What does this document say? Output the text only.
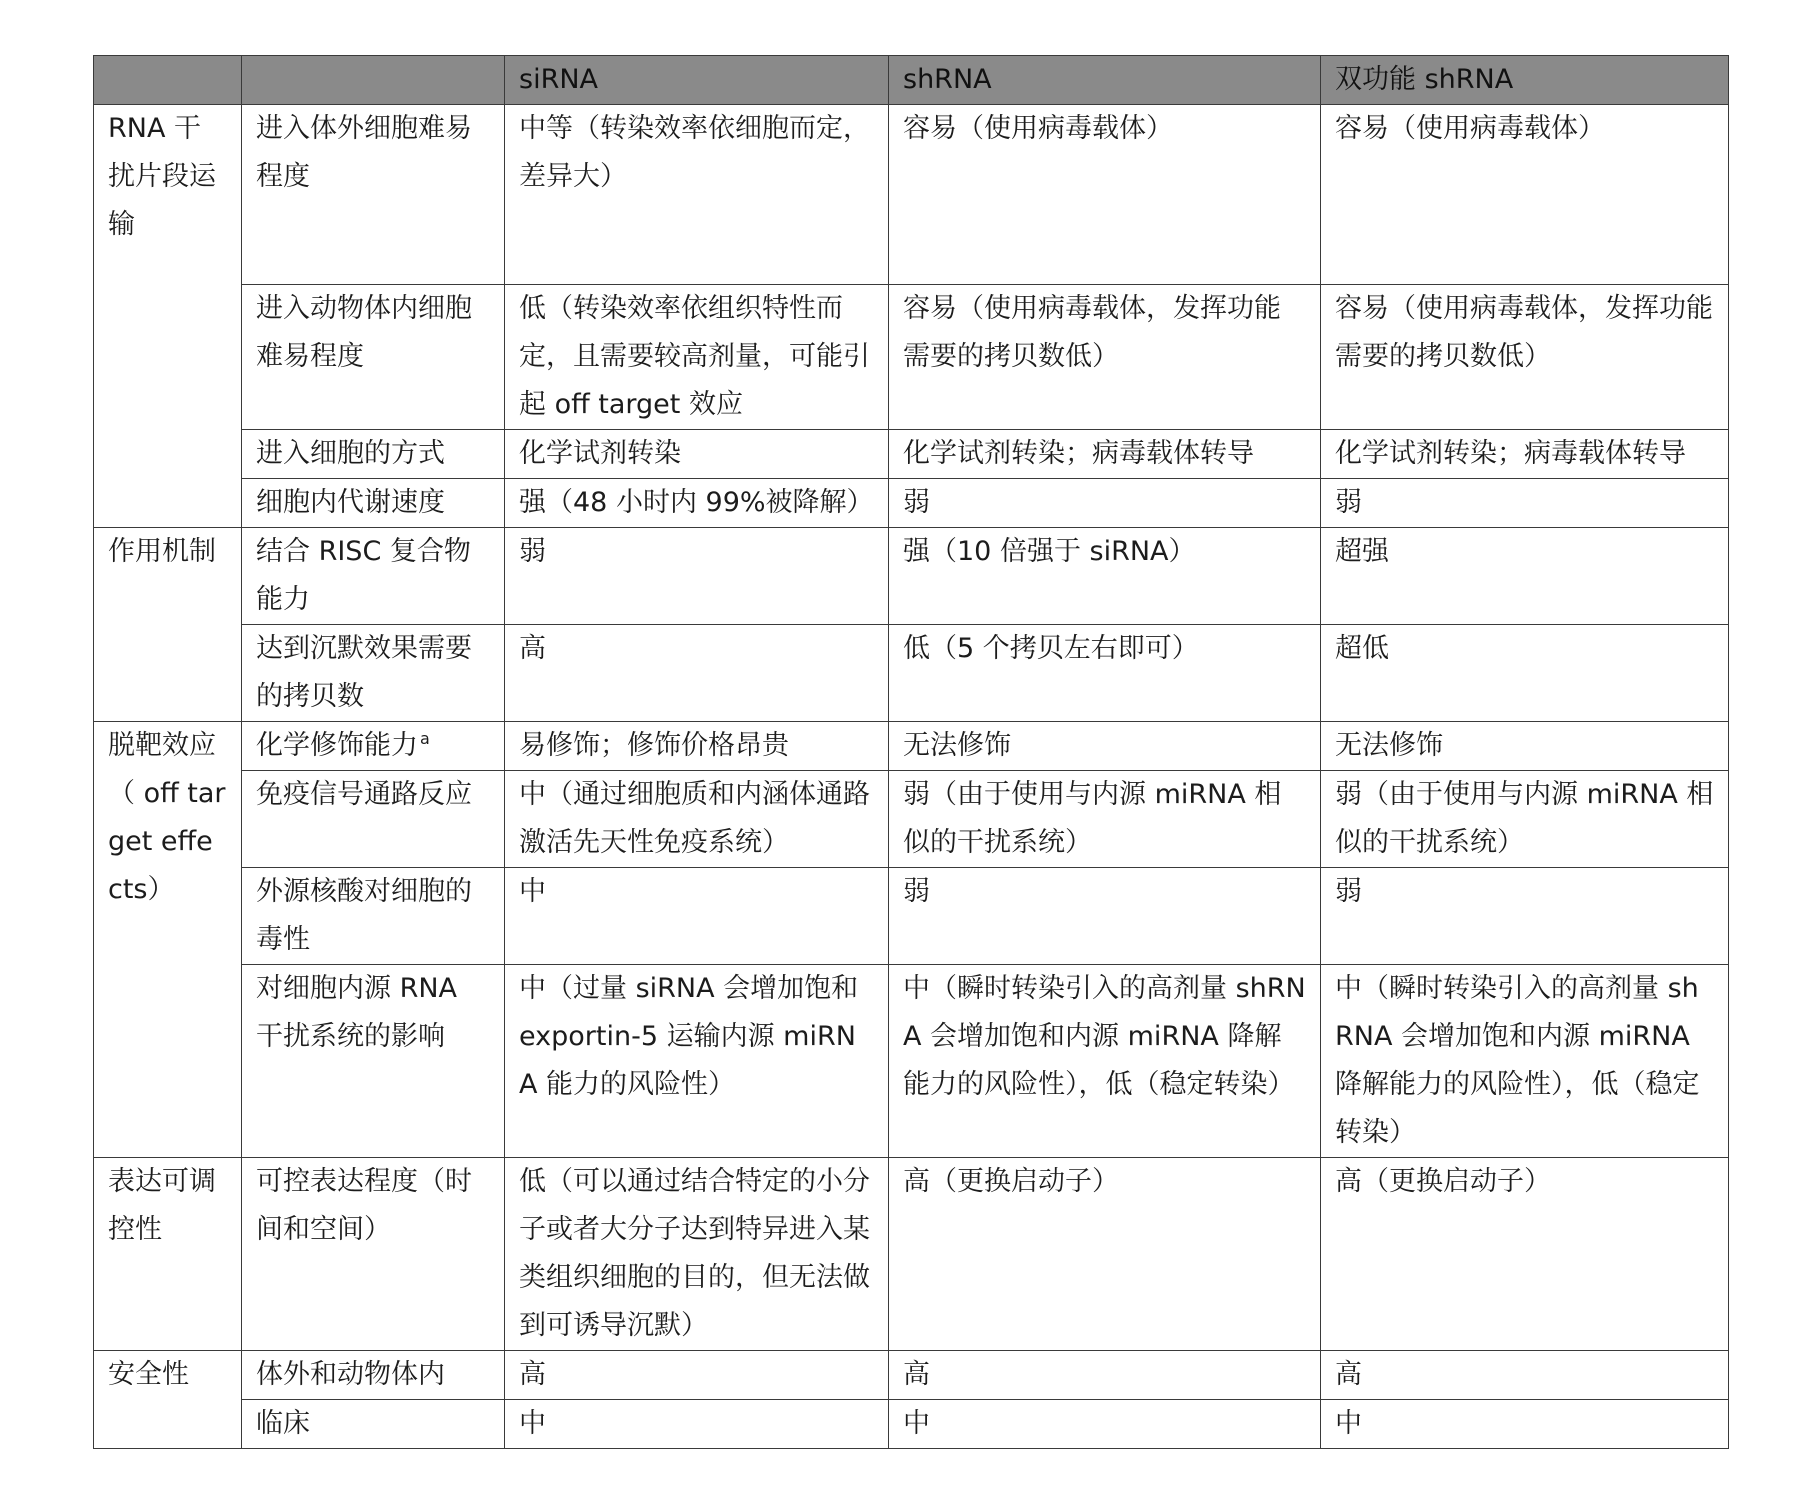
		siRNA	shRNA	双功能 shRNA
RNA 干扰片段运输	进入体外细胞难易程度	中等（转染效率依细胞而定，差异大）	容易（使用病毒载体）	容易（使用病毒载体）
	进入动物体内细胞难易程度	低（转染效率依组织特性而定，且需要较高剂量，可能引起 off target 效应	容易（使用病毒载体，发挥功能需要的拷贝数低）	容易（使用病毒载体，发挥功能需要的拷贝数低）
	进入细胞的方式	化学试剂转染	化学试剂转染；病毒载体转导	化学试剂转染；病毒载体转导
	细胞内代谢速度	强（48 小时内 99%被降解）	弱	弱
作用机制	结合 RISC 复合物能力	弱	强（10 倍强于 siRNA）	超强
	达到沉默效果需要的拷贝数	高	低（5 个拷贝左右即可）	超低
脱靶效应（ off target effects）	化学修饰能力 $^a$	易修饰；修饰价格昂贵	无法修饰	无法修饰
	免疫信号通路反应	中（通过细胞质和内涵体通路激活先天性免疫系统）	弱（由于使用与内源 miRNA 相似的干扰系统）	弱（由于使用与内源 miRNA 相似的干扰系统）
	外源核酸对细胞的毒性	中	弱	弱
	对细胞内源 RNA 干扰系统的影响	中（过量 siRNA 会增加饱和 exportin-5 运输内源 miRNA 能力的风险性）	中（瞬时转染引入的高剂量 shRNA 会增加饱和内源 miRNA 降解能力的风险性），低（稳定转染）	中（瞬时转染引入的高剂量 shRNA 会增加饱和内源 miRNA 降解能力的风险性），低（稳定转染）
表达可调控性	可控表达程度（时间和空间）	低（可以通过结合特定的小分子或者大分子达到特异进入某类组织细胞的目的，但无法做到可诱导沉默）	高（更换启动子）	高（更换启动子）
安全性	体外和动物体内	高	高	高
	临床	中	中	中
